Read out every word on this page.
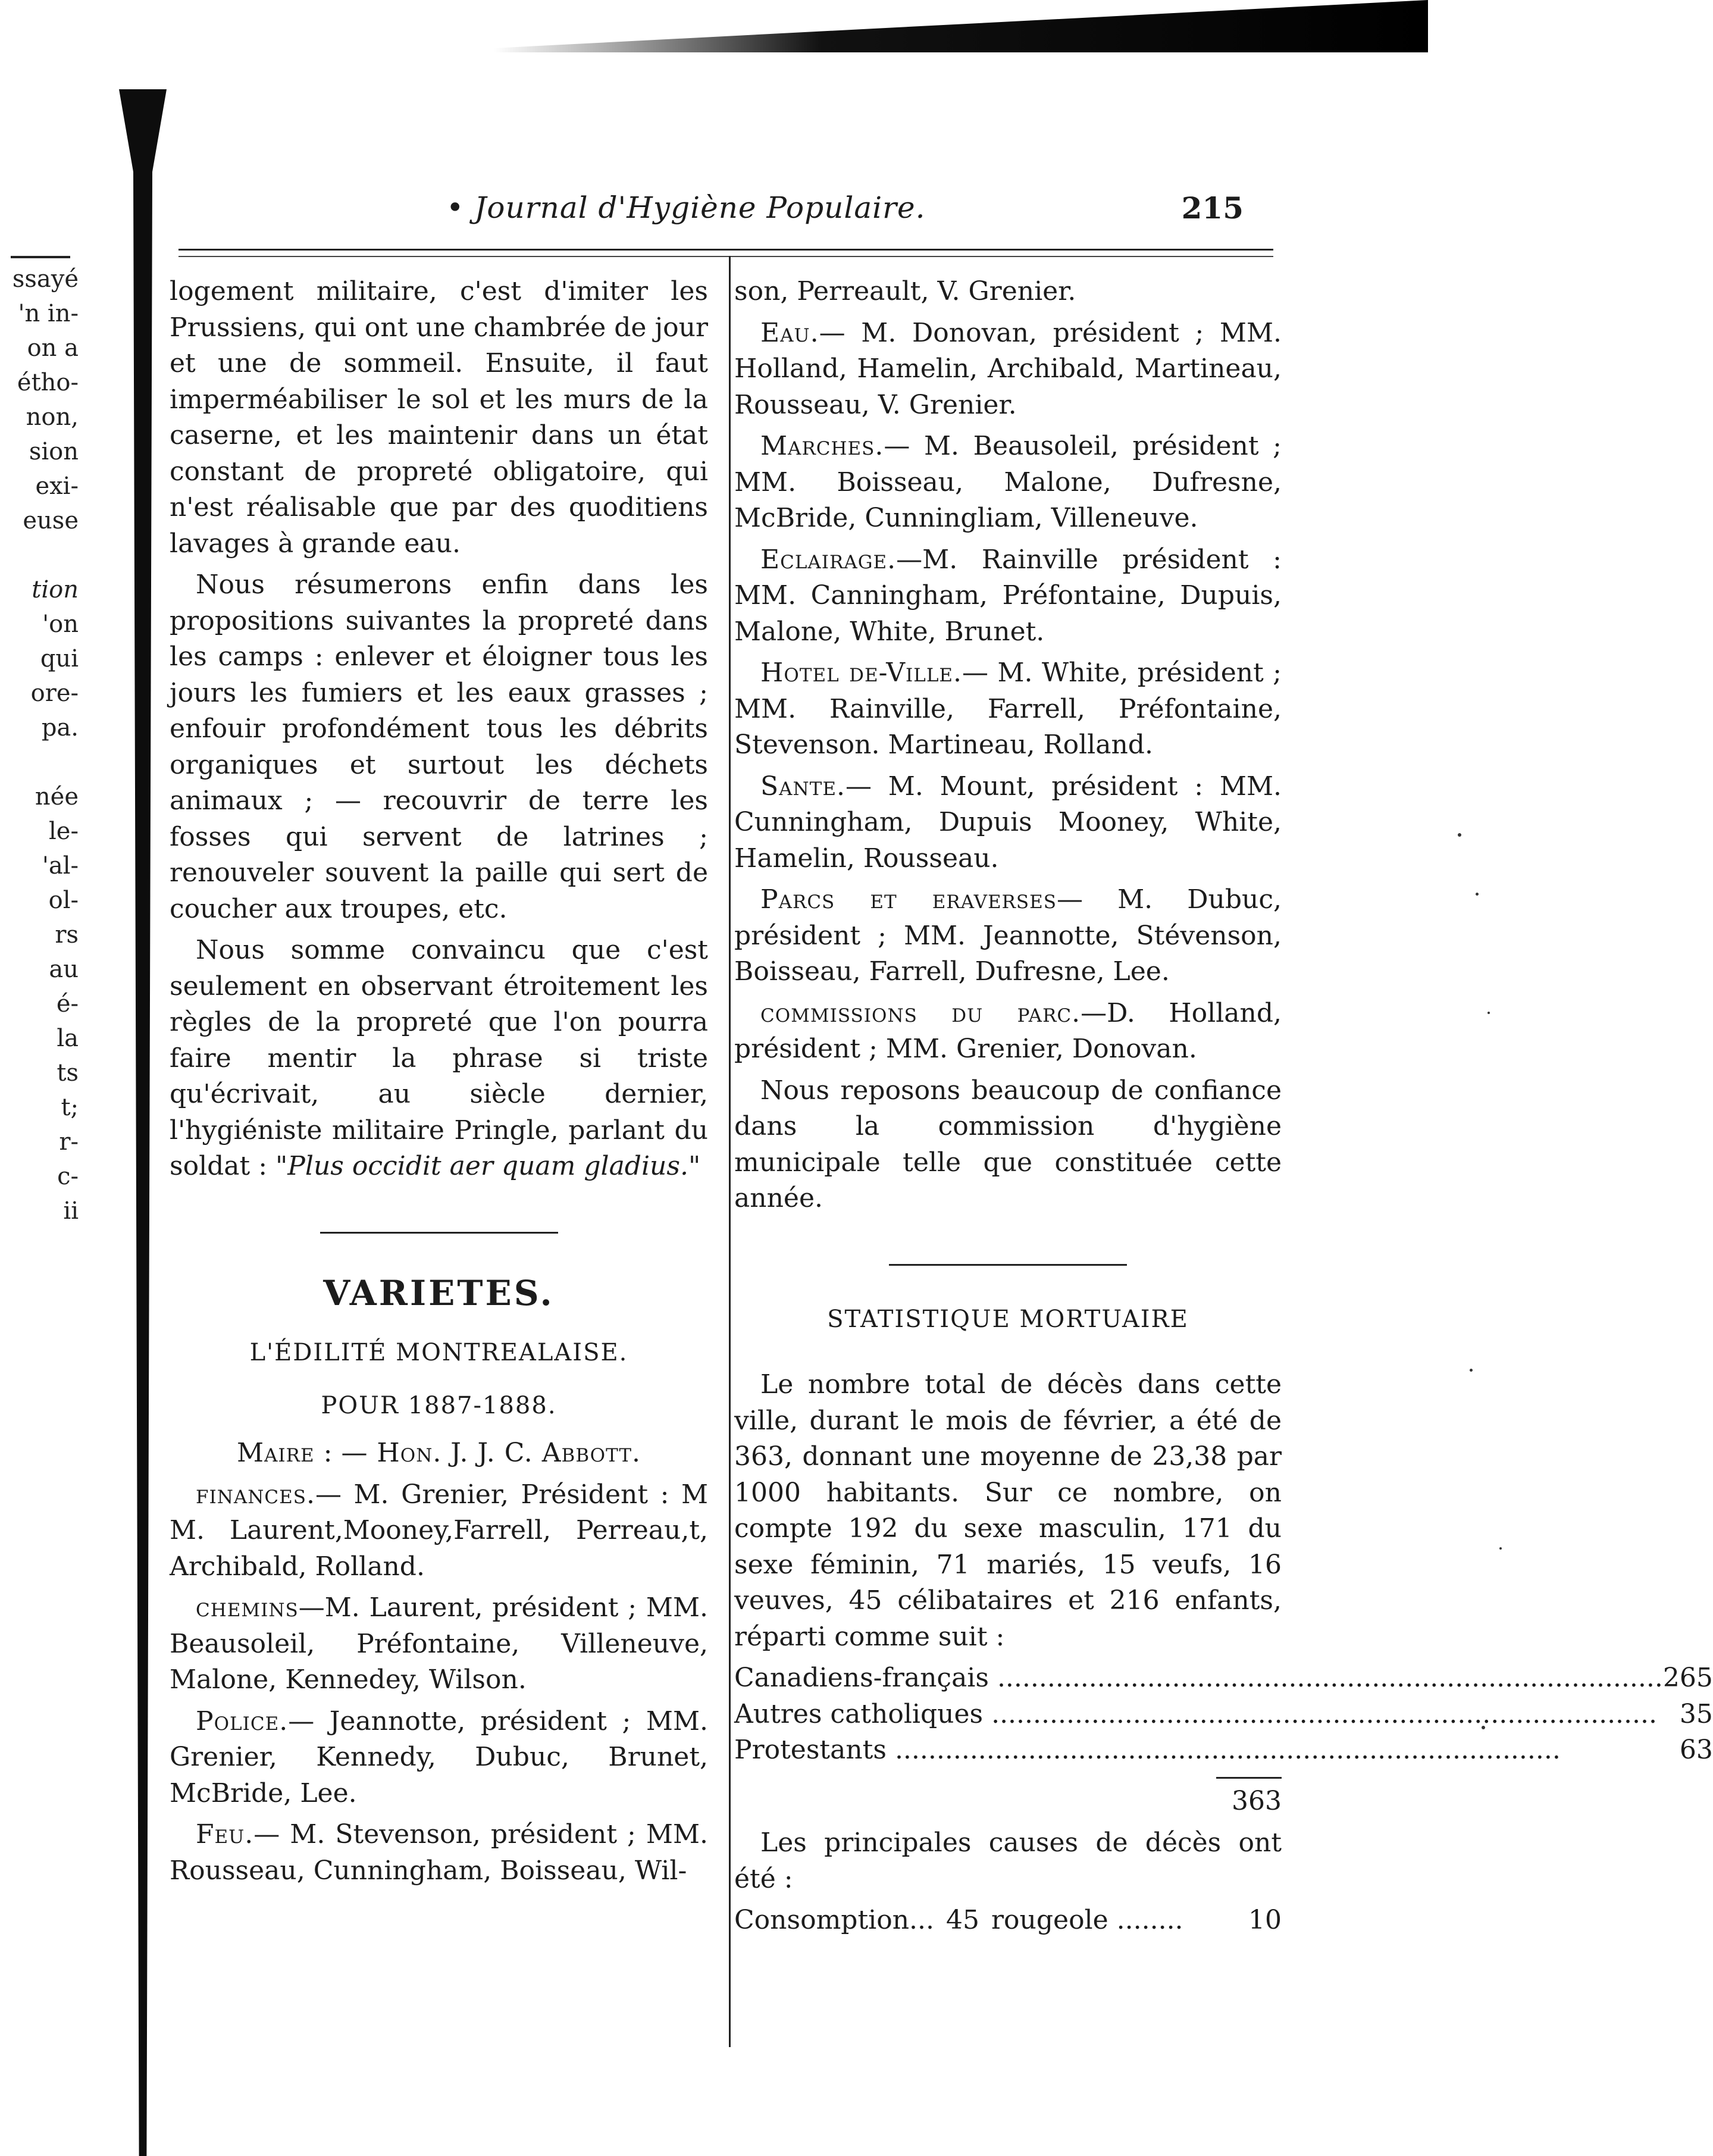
ssayé
'n in-
on a
étho-
non,
sion
exi-
euse

tion
'on
qui
ore-
pa.

née
le-
'al-
ol-
rs
au
é-
la
ts
t;
r-
c-
ii
• Journal d'Hygiène Populaire.	215

logement militaire, c'est d'imiter les Prussiens, qui ont une chambrée de jour et une de sommeil. Ensuite, il faut imperméabiliser le sol et les murs de la caserne, et les maintenir dans un état constant de propreté obligatoire, qui n'est réalisable que par des quoditiens lavages à grande eau.

Nous résumerons enfin dans les propositions suivantes la propreté dans les camps : enlever et éloigner tous les jours les fumiers et les eaux grasses ; enfouir profondément tous les débrits organiques et surtout les déchets animaux ; — recouvrir de terre les fosses qui servent de latrines ; renouveler souvent la paille qui sert de coucher aux troupes, etc.

Nous somme convaincu que c'est seulement en observant étroitement les règles de la propreté que l'on pourra faire mentir la phrase si triste qu'écrivait, au siècle dernier, l'hygiéniste militaire Pringle, parlant du soldat : "Plus occidit aer quam gladius."

VARIETES.
L'ÉDILITÉ MONTREALAISE.
POUR 1887-1888.

Maire : — Hon. J. J. C. Abbott.

finances.— M. Grenier, Président : M M. Laurent,Mooney,Farrell, Perreau,t, Archibald, Rolland.

chemins—M. Laurent, président ; MM. Beausoleil, Préfontaine, Villeneuve, Malone, Kennedey, Wilson.

Police.— Jeannotte, président ; MM. Grenier, Kennedy, Dubuc, Brunet, McBride, Lee.

Feu.— M. Stevenson, président ; MM. Rousseau, Cunningham, Boisseau, Wil-

son, Perreault, V. Grenier.

Eau.— M. Donovan, président ; MM. Holland, Hamelin, Archibald, Martineau, Rousseau, V. Grenier.

Marches.— M. Beausoleil, président ; MM. Boisseau, Malone, Dufresne, McBride, Cunningliam, Villeneuve.

Eclairage.—M. Rainville président : MM. Canningham, Préfontaine, Dupuis, Malone, White, Brunet.

Hotel de-Ville.— M. White, président ; MM. Rainville, Farrell, Préfontaine, Stevenson. Martineau, Rolland.

Sante.— M. Mount, président : MM. Cunningham, Dupuis Mooney, White, Hamelin, Rousseau.

Parcs et eraverses— M. Dubuc, président ; MM. Jeannotte, Stévenson, Boisseau, Farrell, Dufresne, Lee.

commissions du parc.—D. Holland, président ; MM. Grenier, Donovan.

Nous reposons beaucoup de confiance dans la commission d'hygiène municipale telle que constituée cette année.

STATISTIQUE MORTUAIRE

Le nombre total de décès dans cette ville, durant le mois de février, a été de 363, donnant une moyenne de 23,38 par 1000 habitants. Sur ce nombre, on compte 192 du sexe masculin, 171 du sexe féminin, 71 mariés, 15 veufs, 16 veuves, 45 célibataires et 216 enfants, réparti comme suit :

Canadiens-français .....	265
Autres catholiques .....	35
Protestants .....	63
363

Les principales causes de décès ont été :

Consomption... 45 rougeole ........	10
